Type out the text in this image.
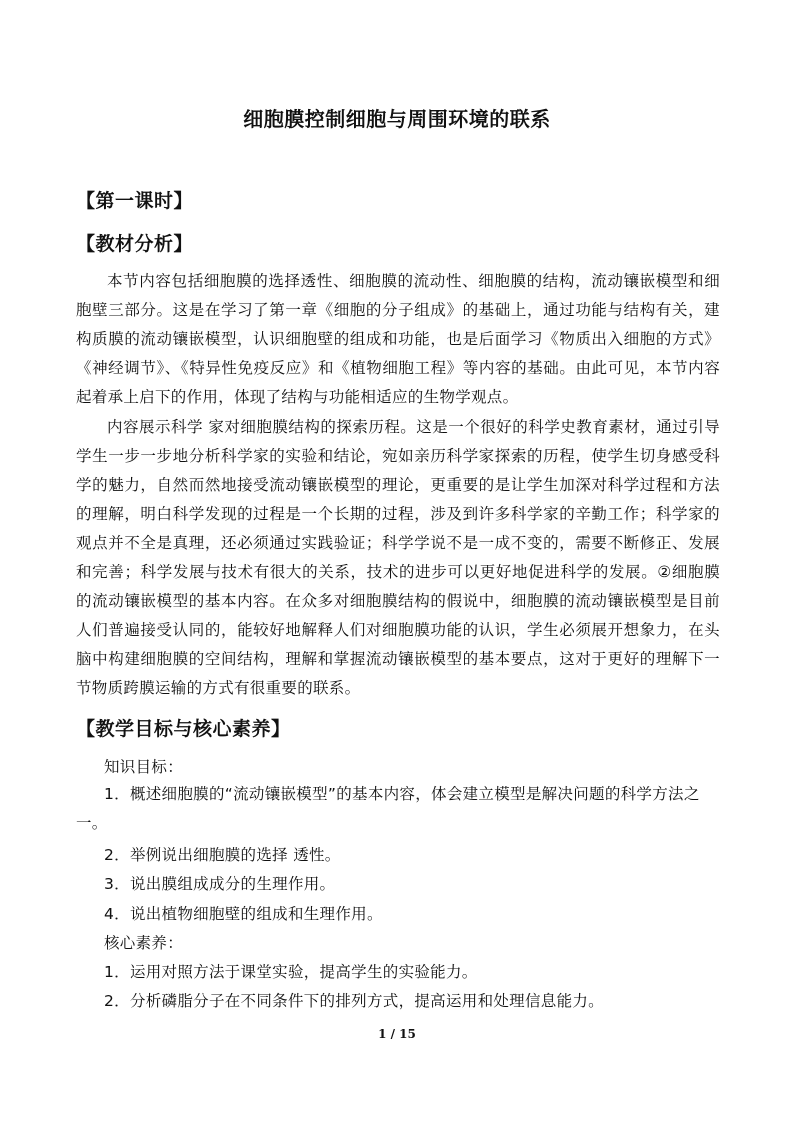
细胞膜控制细胞与周围环境的联系
【第一课时】
【教材分析】
本节内容包括细胞膜的选择透性、细胞膜的流动性、细胞膜的结构，流动镶嵌模型和细胞壁三部分。这是在学习了第一章《细胞的分子组成》的基础上，通过功能与结构有关，建构质膜的流动镶嵌模型，认识细胞壁的组成和功能，也是后面学习《物质出入细胞的方式》《神经调节》、《特异性免疫反应》和《植物细胞工程》等内容的基础。由此可见，本节内容起着承上启下的作用，体现了结构与功能相适应的生物学观点。
内容展示科学 家对细胞膜结构的探索历程。这是一个很好的科学史教育素材，通过引导学生一步一步地分析科学家的实验和结论，宛如亲历科学家探索的历程，使学生切身感受科学的魅力，自然而然地接受流动镶嵌模型的理论，更重要的是让学生加深对科学过程和方法的理解，明白科学发现的过程是一个长期的过程，涉及到许多科学家的辛勤工作；科学家的观点并不全是真理，还必须通过实践验证；科学学说不是一成不变的，需要不断修正、发展和完善；科学发展与技术有很大的关系，技术的进步可以更好地促进科学的发展。②细胞膜的流动镶嵌模型的基本内容。在众多对细胞膜结构的假说中，细胞膜的流动镶嵌模型是目前人们普遍接受认同的，能较好地解释人们对细胞膜功能的认识，学生必须展开想象力，在头脑中构建细胞膜的空间结构，理解和掌握流动镶嵌模型的基本要点，这对于更好的理解下一节物质跨膜运输的方式有很重要的联系。
【教学目标与核心素养】
知识目标：
1．概述细胞膜的“流动镶嵌模型”的基本内容，体会建立模型是解决问题的科学方法之一。
2．举例说出细胞膜的选择 透性。
3．说出膜组成成分的生理作用。
4．说出植物细胞壁的组成和生理作用。
核心素养：
1．运用对照方法于课堂实验，提高学生的实验能力。
2．分析磷脂分子在不同条件下的排列方式，提高运用和处理信息能力。
1 / 15
